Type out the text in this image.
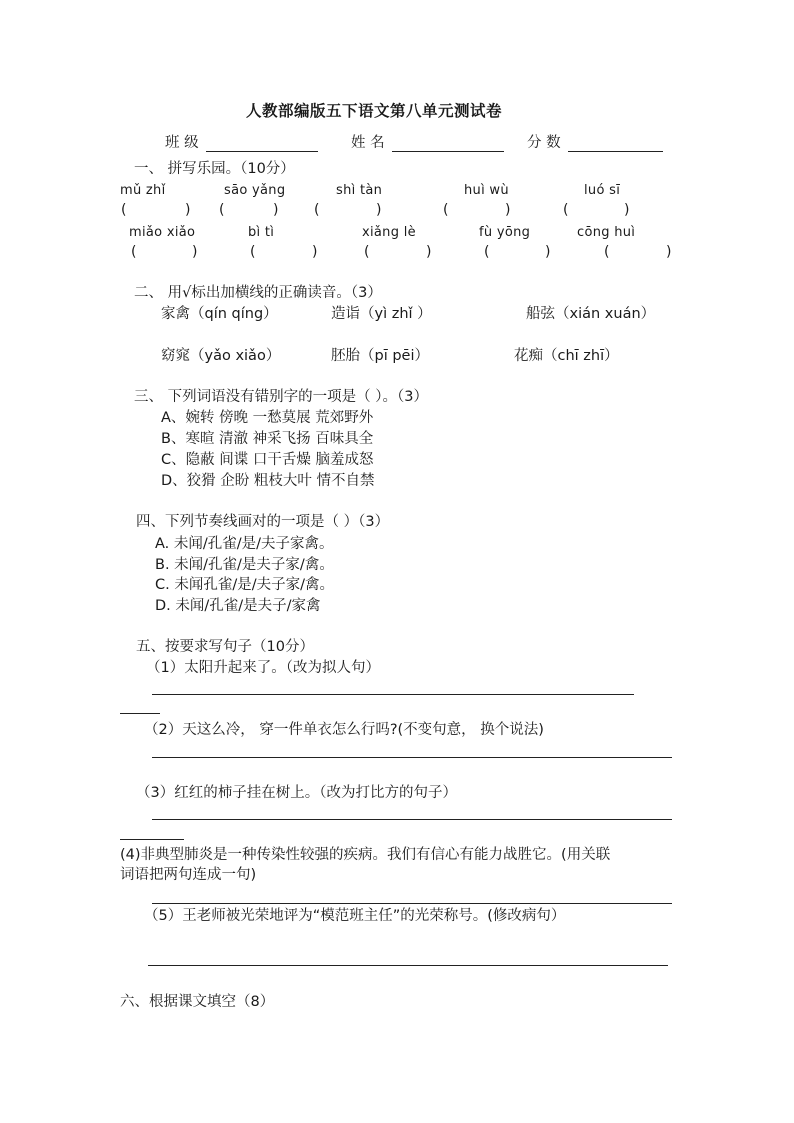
人教部编版五下语文第八单元测试卷
班 级	姓 名	分 数
一、 拼写乐园。（10分）
mǔ zhǐ	sāo yǎng	shì tàn	huì wù	luó sī
(	) (	)	(	)	(	)	(	)
miǎo xiǎo	bì tì	xiǎng lè	fù yōng	cōng huì
(	)	(	)	(	)	(	)	(	)
二、 用√标出加横线的正确读音。（3）
家禽（qín qíng）	造诣（yì zhǐ ）	船弦（xián xuán）
窈窕（yǎo xiǎo）	胚胎（pī pēi）	花痴（chī zhī）
三、 下列词语没有错别字的一项是（ ）。（3）
A、婉转 傍晚 一愁莫展 荒郊野外
B、寒暄 清澈 神采飞扬 百味具全
C、隐蔽 间谍 口干舌燥 脑羞成怒
D、狡猾 企盼 粗枝大叶 情不自禁
四、下列节奏线画对的一项是（ ）（3）
A. 未闻/孔雀/是/夫子家禽。
B. 未闻/孔雀/是夫子家/禽。
C. 未闻孔雀/是/夫子家/禽。
D. 未闻/孔雀/是夫子/家禽
五、按要求写句子（10分）
（1）太阳升起来了。（改为拟人句）
（2）天这么冷， 穿一件单衣怎么行吗?(不变句意， 换个说法)
（3）红红的柿子挂在树上。（改为打比方的句子）
(4)非典型肺炎是一种传染性较强的疾病。我们有信心有能力战胜它。(用关联
词语把两句连成一句)
（5）王老师被光荣地评为“模范班主任”的光荣称号。(修改病句）
六、根据课文填空（8）
